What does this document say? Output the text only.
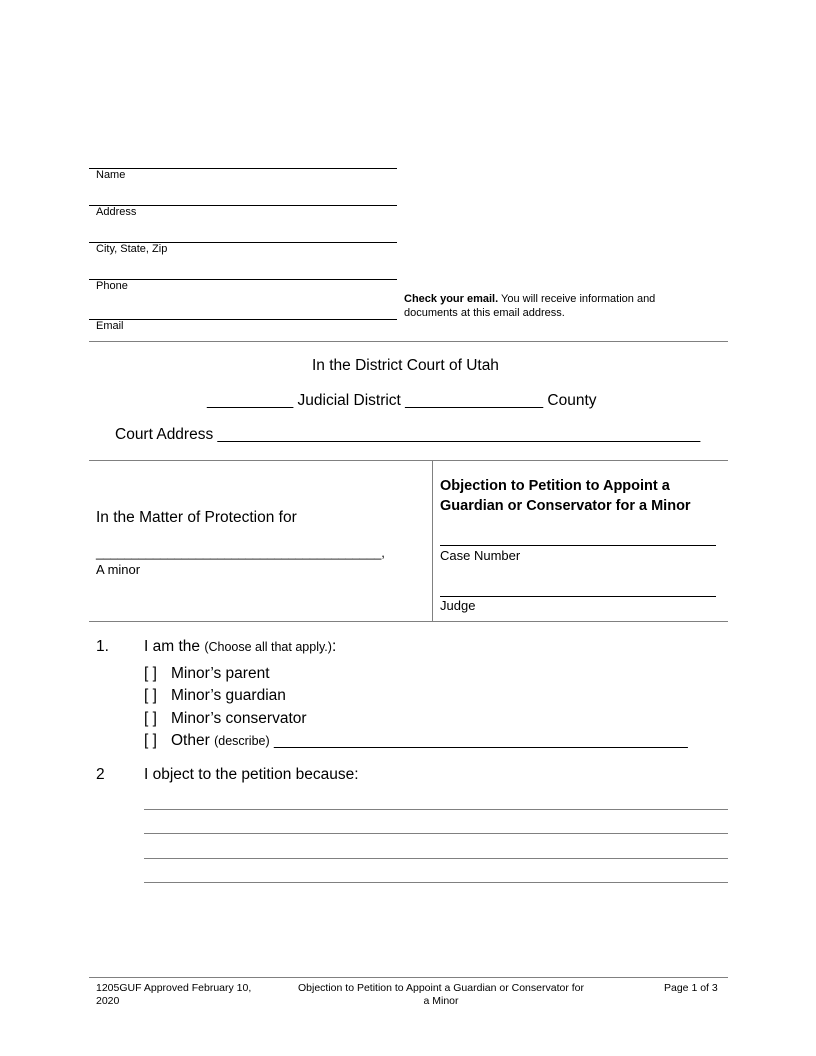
Name
Address
City, State, Zip
Phone
Email
Check your email. You will receive information and
documents at this email address.
In the District Court of Utah
__________ Judicial District ________________ County
Court Address ________________________________________________________
In the Matter of Protection for
________________________________________,
A minor
Objection to Petition to Appoint a
Guardian or Conservator for a Minor
Case Number
Judge
1. I am the (Choose all that apply.):
[ ] Minor’s parent
[ ] Minor’s guardian
[ ] Minor’s conservator
[ ] Other (describe) ________________________________________________
2	I object to the petition because:
1205GUF Approved February 10,
2020
Objection to Petition to Appoint a Guardian or Conservator for
a Minor
Page 1 of 3
